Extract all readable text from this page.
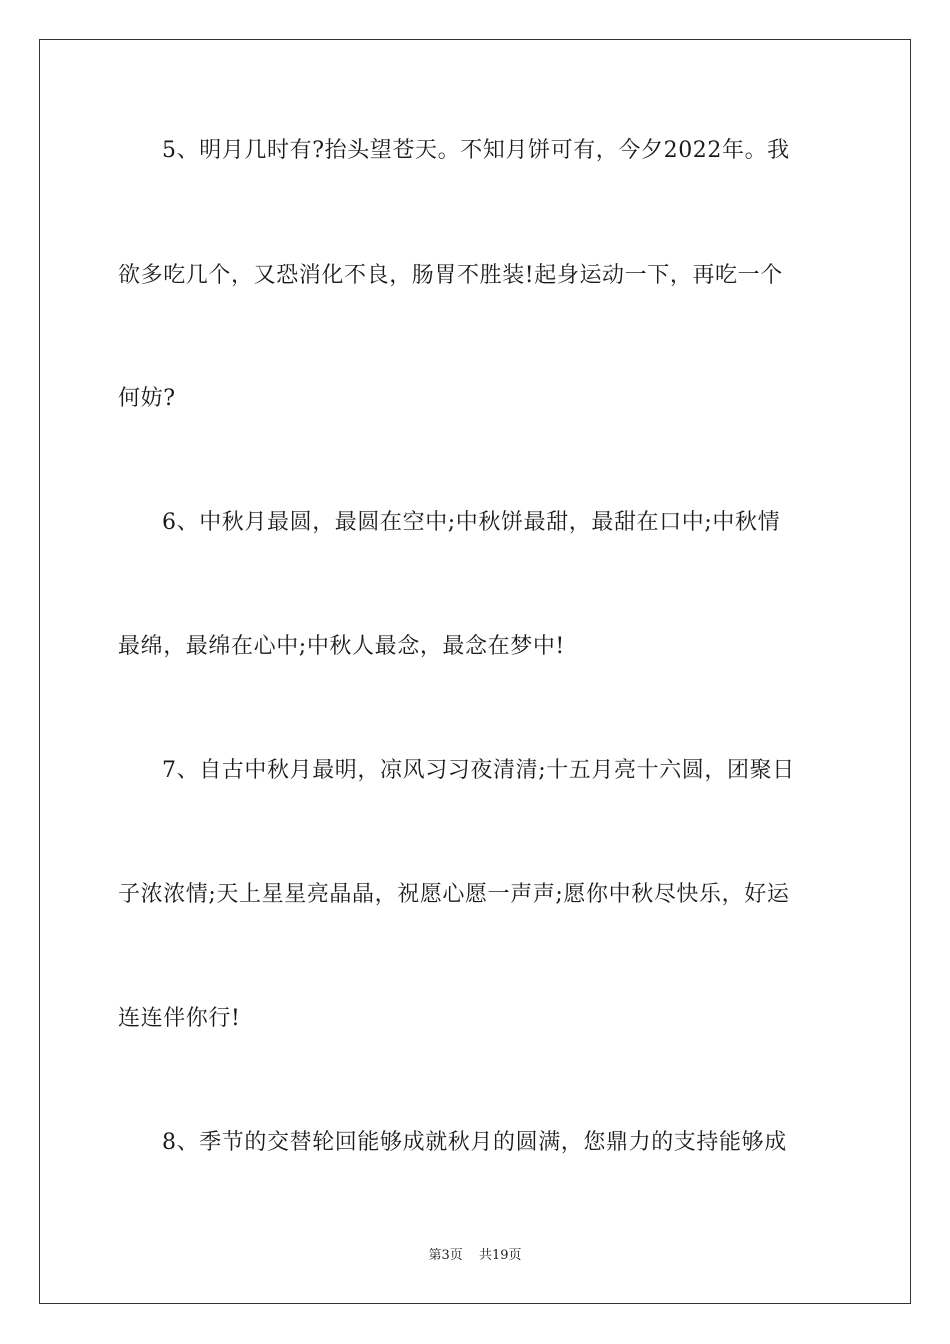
5、明月几时有?抬头望苍天。不知月饼可有，今夕2022年。我
欲多吃几个，又恐消化不良，肠胃不胜装!起身运动一下，再吃一个
何妨?
6、中秋月最圆，最圆在空中;中秋饼最甜，最甜在口中;中秋情
最绵，最绵在心中;中秋人最念，最念在梦中!
7、自古中秋月最明，凉风习习夜清清;十五月亮十六圆，团聚日
子浓浓情;天上星星亮晶晶，祝愿心愿一声声;愿你中秋尽快乐，好运
连连伴你行!
8、季节的交替轮回能够成就秋月的圆满，您鼎力的支持能够成
第3页 共19页
